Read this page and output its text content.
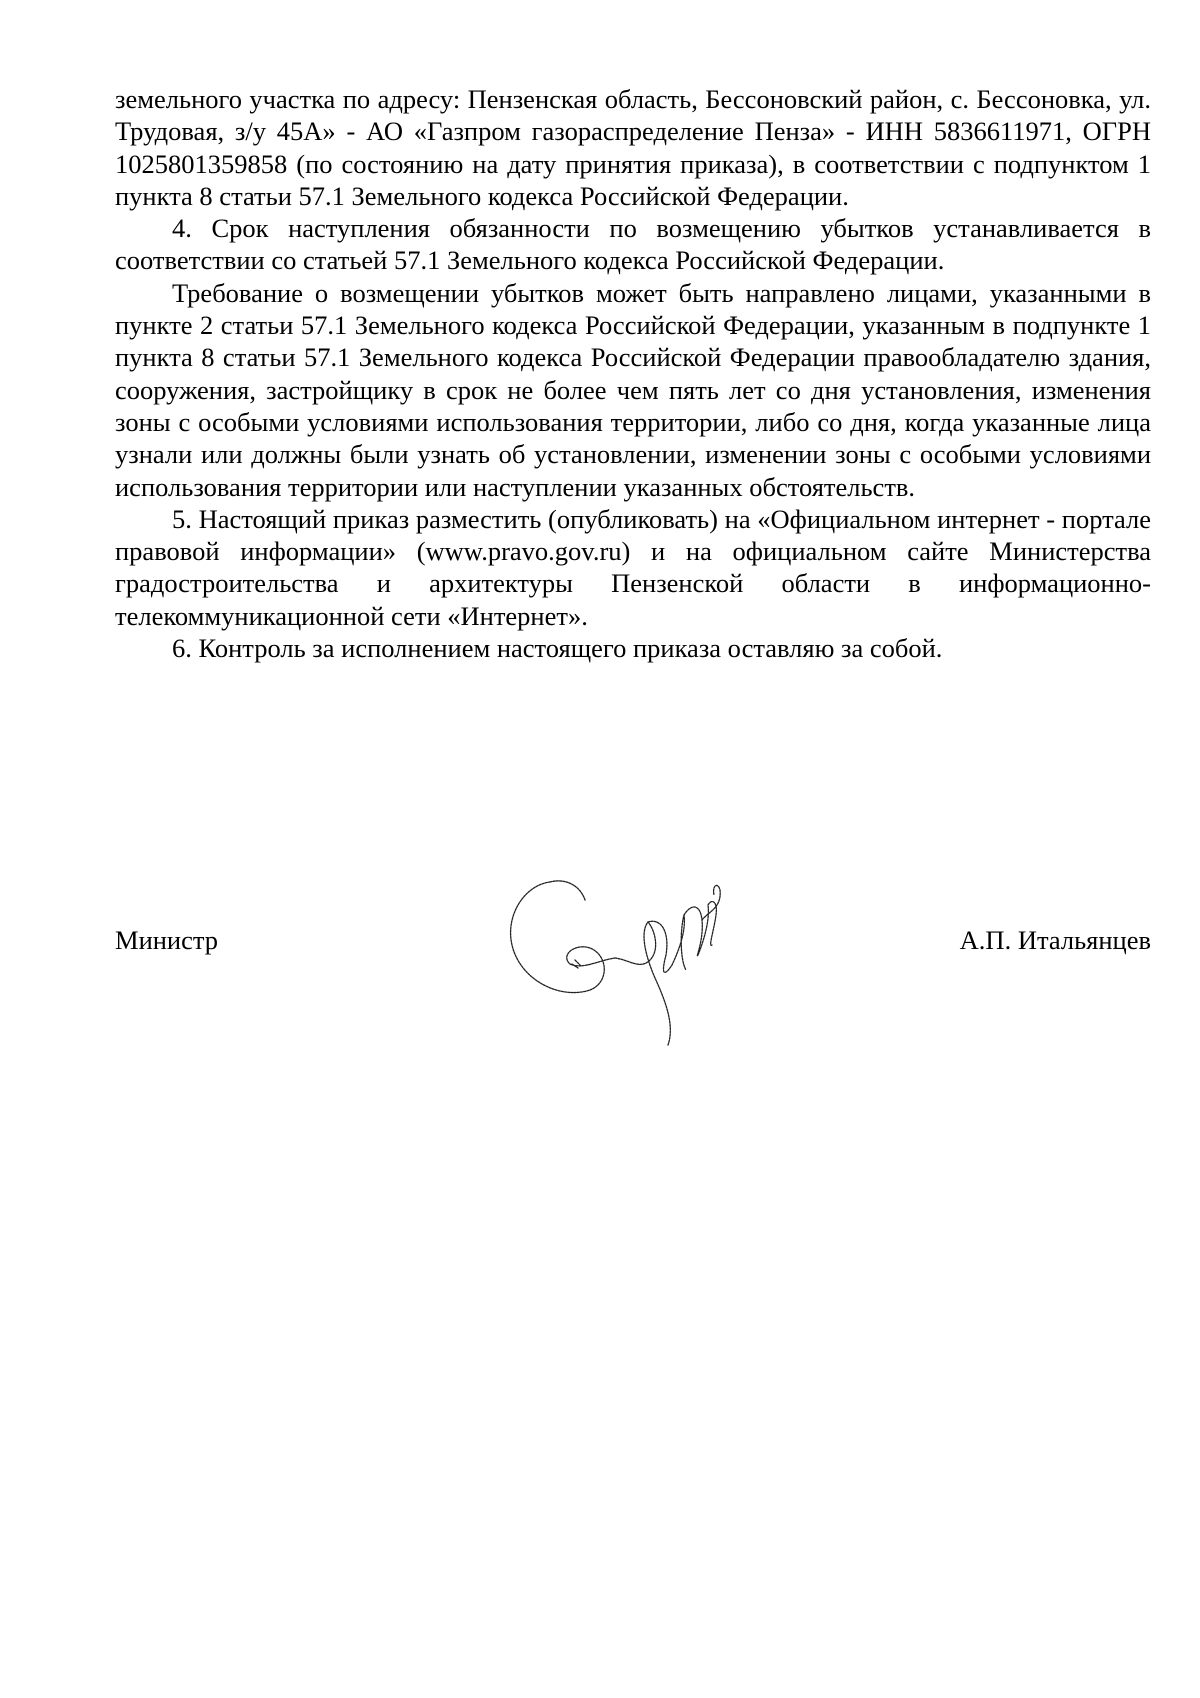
земельного участка по адресу: Пензенская область, Бессоновский район, с. Бессоновка, ул. Трудовая, з/у 45А» - АО «Газпром газораспределение Пенза» - ИНН 5836611971, ОГРН 1025801359858 (по состоянию на дату принятия приказа), в соответствии с подпунктом 1 пункта 8 статьи 57.1 Земельного кодекса Российской Федерации.

4. Срок наступления обязанности по возмещению убытков устанавливается в соответствии со статьей 57.1 Земельного кодекса Российской Федерации.

Требование о возмещении убытков может быть направлено лицами, указанными в пункте 2 статьи 57.1 Земельного кодекса Российской Федерации, указанным в подпункте 1 пункта 8 статьи 57.1 Земельного кодекса Российской Федерации правообладателю здания, сооружения, застройщику в срок не более чем пять лет со дня установления, изменения зоны с особыми условиями использования территории, либо со дня, когда указанные лица узнали или должны были узнать об установлении, изменении зоны с особыми условиями использования территории или наступлении указанных обстоятельств.

5. Настоящий приказ разместить (опубликовать) на «Официальном интернет - портале правовой информации» (www.pravo.gov.ru) и на официальном сайте Министерства градостроительства и архитектуры Пензенской области в информационно-телекоммуникационной сети «Интернет».

6. Контроль за исполнением настоящего приказа оставляю за собой.

Министр	А.П. Итальянцев
